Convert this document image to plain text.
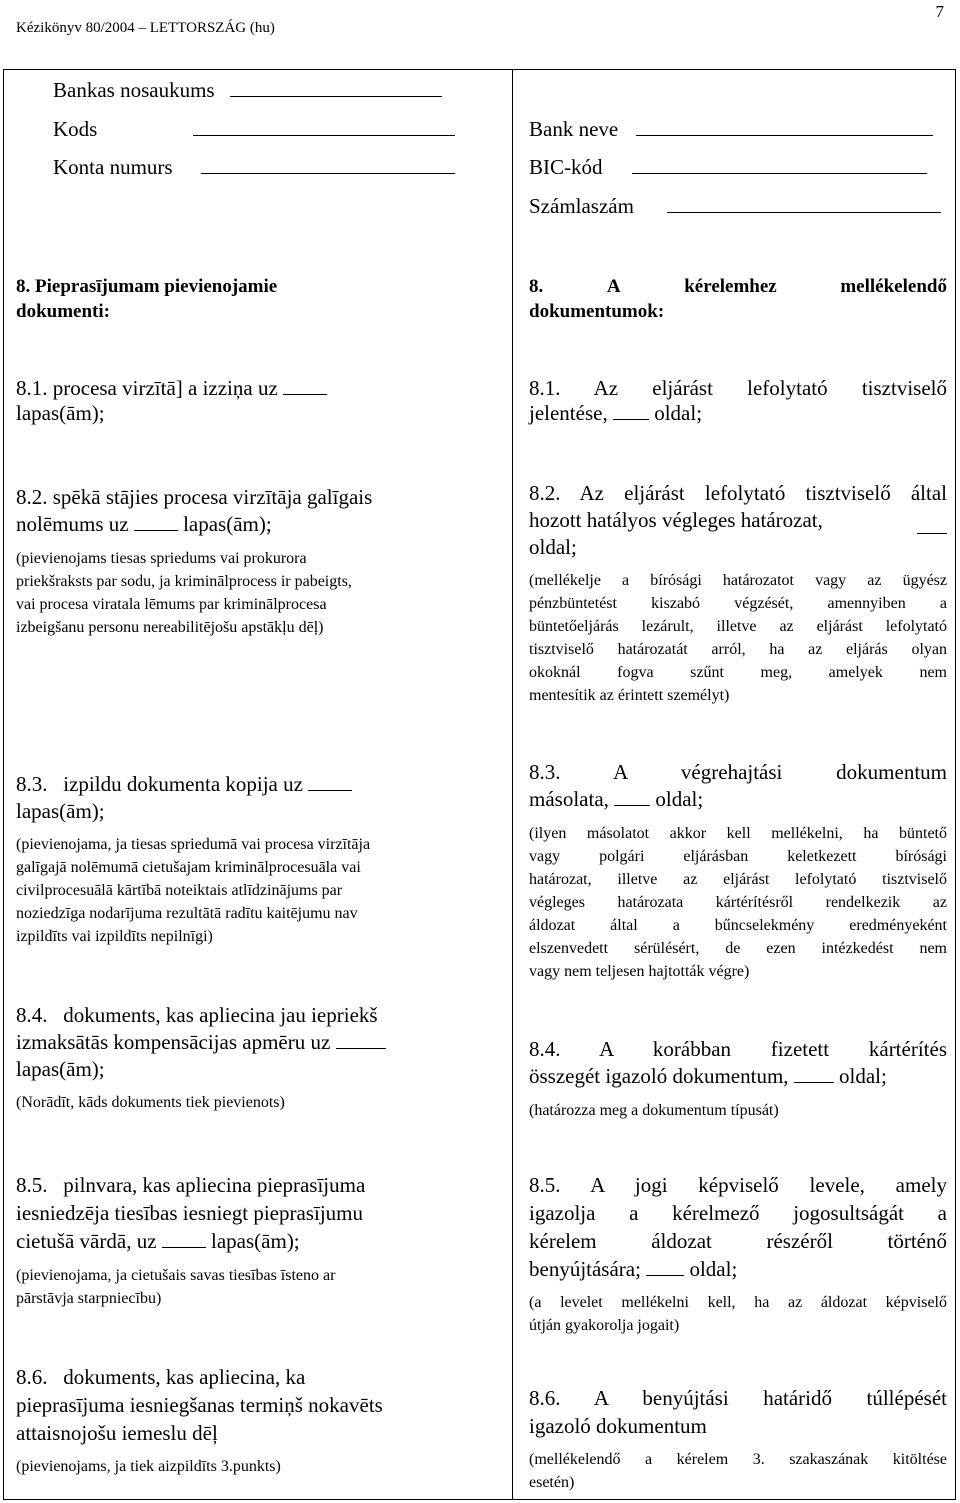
Kézikönyv 80/2004 – LETTORSZÁG (hu)
7
Bankas nosaukums
Kods
Konta numurs
Bank neve
BIC-kód
Számlaszám
8. Pieprasījumam pievienojamie
dokumenti:
8.	A	kérelemhez	mellékelendő
dokumentumok:
8.1. procesa virzītā] a izziņa uz
lapas(ām);
8.1. Az eljárást lefolytató tisztviselő
jelentése, oldal;
8.2. spēkā stājies procesa virzītāja galīgais
nolēmums uz	lapas(ām);
(pievienojams tiesas spriedums vai prokurora
priekšraksts par sodu, ja kriminālprocess ir pabeigts,
vai procesa viratala lēmums par kriminālprocesa
izbeigšanu personu nereabilitējošu apstākļu dēļ)
8.2. Az eljárást lefolytató tisztviselő által
hozott hatályos végleges határozat,
oldal;
(mellékelje a bírósági határozatot vagy az ügyész
pénzbüntetést kiszabó végzését, amennyiben a
büntetőeljárás lezárult, illetve az eljárást lefolytató
tisztviselő határozatát arról, ha az eljárás olyan
okoknál fogva szűnt meg, amelyek nem
mentesítik az érintett személyt)
8.3.   izpildu dokumenta kopija uz
lapas(ām);
(pievienojama, ja tiesas spriedumā vai procesa virzītāja
galīgajā nolēmumā cietušajam kriminālprocesuāla vai
civilprocesuālā kārtībā noteiktais atlīdzinājums par
noziedzīga nodarījuma rezultātā radītu kaitējumu nav
izpildīts vai izpildīts nepilnīgi)
8.3. A végrehajtási dokumentum
másolata, oldal;
(ilyen másolatot akkor kell mellékelni, ha büntető
vagy polgári eljárásban keletkezett bírósági
határozat, illetve az eljárást lefolytató tisztviselő
végleges határozata kártérítésről rendelkezik az
áldozat által a bűncselekmény eredményeként
elszenvedett sérülésért, de ezen intézkedést nem
vagy nem teljesen hajtották végre)
8.4.   dokuments, kas apliecina jau iepriekš
izmaksātās kompensācijas apmēru uz
lapas(ām);
(Norādīt, kāds dokuments tiek pievienots)
8.4. A korábban fizetett kártérítés
összegét igazoló dokumentum, oldal;
(határozza meg a dokumentum típusát)
8.5.   pilnvara, kas apliecina pieprasījuma
iesniedzēja tiesības iesniegt pieprasījumu
cietušā vārdā, uz	lapas(ām);
(pievienojama, ja cietušais savas tiesības īsteno ar
pārstāvja starpniecību)
8.5. A jogi képviselő levele, amely
igazolja a kérelmező jogosultságát a
kérelem áldozat részéről történő
benyújtására; oldal;
(a levelet mellékelni kell, ha az áldozat képviselő
útján gyakorolja jogait)
8.6.   dokuments, kas apliecina, ka
pieprasījuma iesniegšanas termiņš nokavēts
attaisnojošu iemeslu dēļ
(pievienojams, ja tiek aizpildīts 3.punkts)
8.6. A benyújtási határidő túllépését
igazoló dokumentum
(mellékelendő a kérelem 3. szakaszának kitöltése
esetén)
